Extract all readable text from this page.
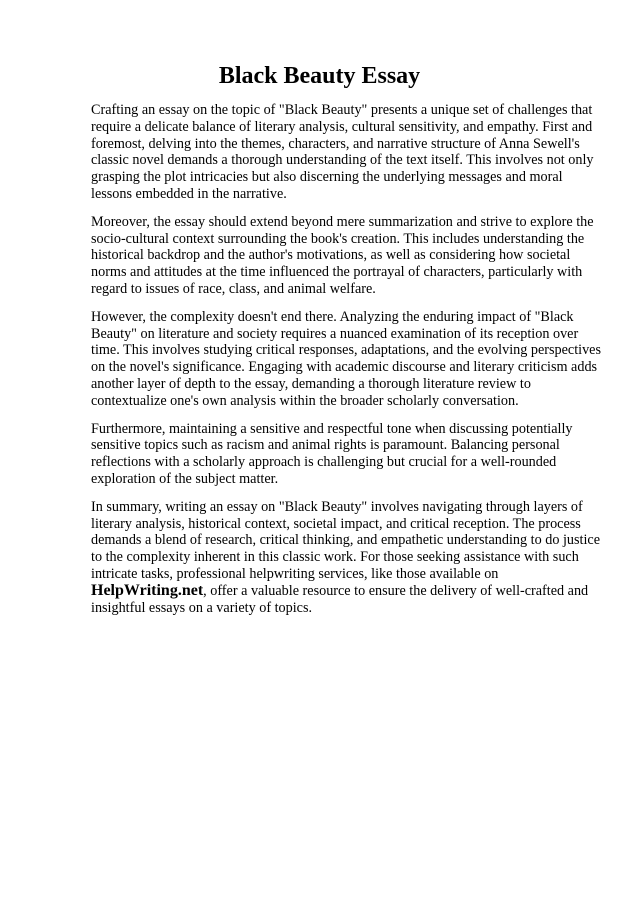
Black Beauty Essay

Crafting an essay on the topic of "Black Beauty" presents a unique set of challenges that require a delicate balance of literary analysis, cultural sensitivity, and empathy. First and foremost, delving into the themes, characters, and narrative structure of Anna Sewell's classic novel demands a thorough understanding of the text itself. This involves not only grasping the plot intricacies but also discerning the underlying messages and moral lessons embedded in the narrative.

Moreover, the essay should extend beyond mere summarization and strive to explore the socio-cultural context surrounding the book's creation. This includes understanding the historical backdrop and the author's motivations, as well as considering how societal norms and attitudes at the time influenced the portrayal of characters, particularly with regard to issues of race, class, and animal welfare.

However, the complexity doesn't end there. Analyzing the enduring impact of "Black Beauty" on literature and society requires a nuanced examination of its reception over time. This involves studying critical responses, adaptations, and the evolving perspectives on the novel's significance. Engaging with academic discourse and literary criticism adds another layer of depth to the essay, demanding a thorough literature review to contextualize one's own analysis within the broader scholarly conversation.

Furthermore, maintaining a sensitive and respectful tone when discussing potentially sensitive topics such as racism and animal rights is paramount. Balancing personal reflections with a scholarly approach is challenging but crucial for a well-rounded exploration of the subject matter.

In summary, writing an essay on "Black Beauty" involves navigating through layers of literary analysis, historical context, societal impact, and critical reception. The process demands a blend of research, critical thinking, and empathetic understanding to do justice to the complexity inherent in this classic work. For those seeking assistance with such intricate tasks, professional helpwriting services, like those available on HelpWriting.net, offer a valuable resource to ensure the delivery of well-crafted and insightful essays on a variety of topics.
